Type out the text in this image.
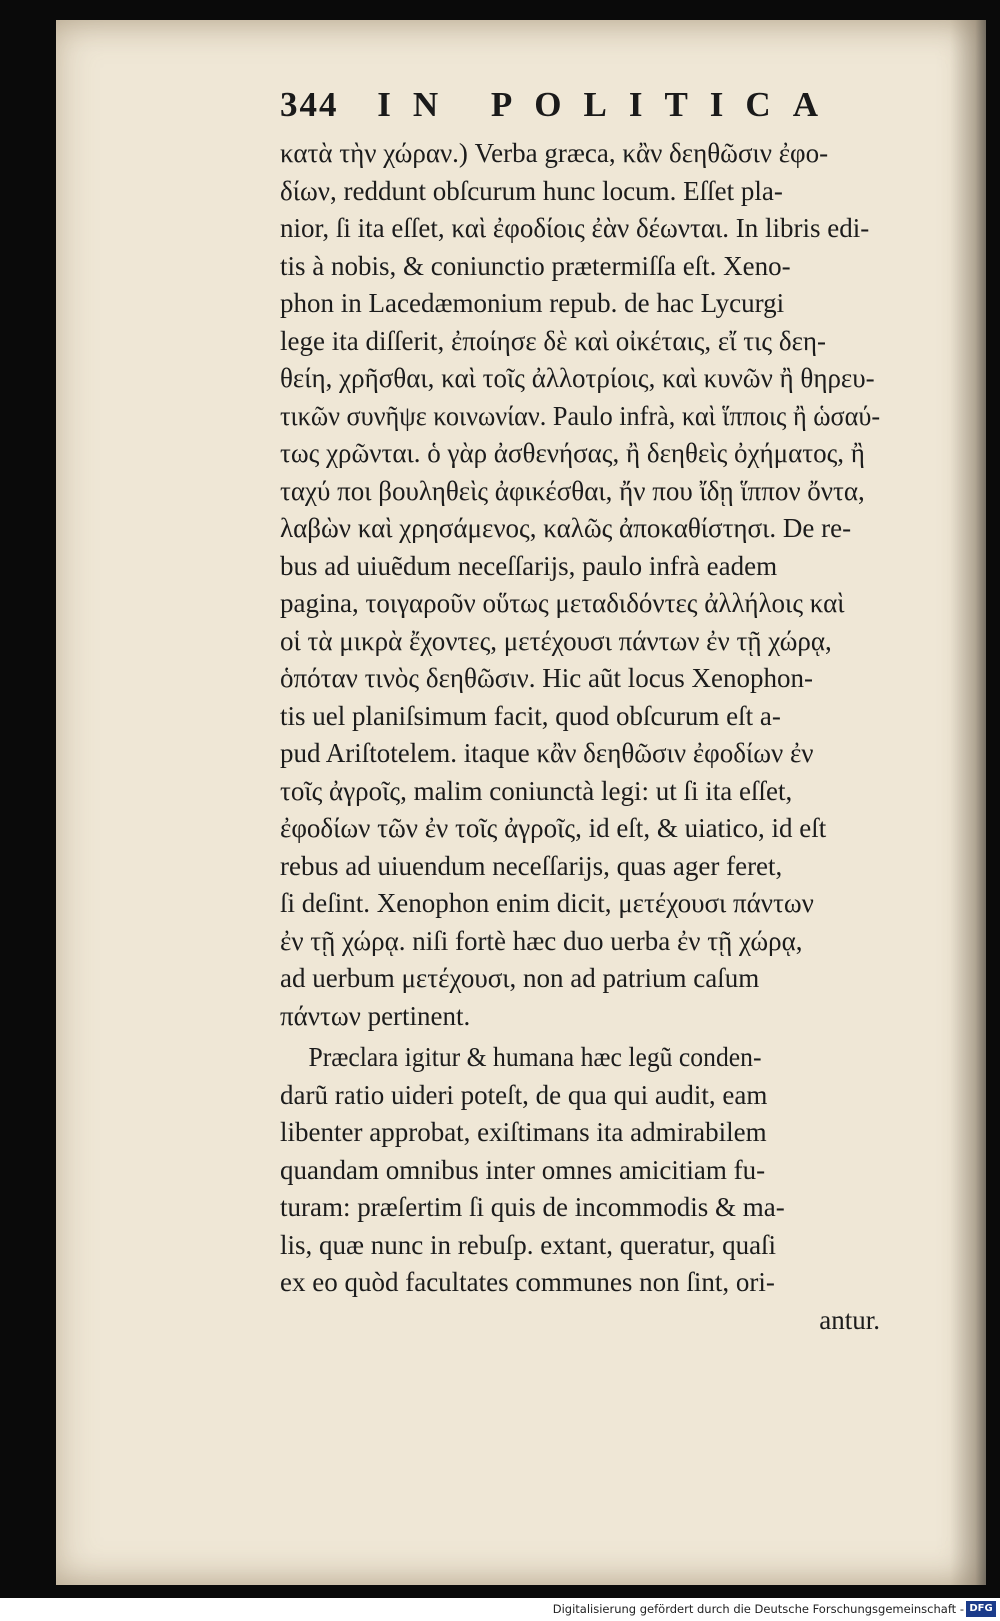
344 IN POLITICA
κατὰ τὴν χώραν.) Verba græca, κἂν δεηθῶσιν ἐφο-
δίων, reddunt obſcurum hunc locum. Eſſet pla-
nior, ſi ita eſſet, καὶ ἐφοδίοις ἐὰν δέωνται. In libris edi-
tis à nobis, & coniunctio prætermiſſa eſt. Xeno-
phon in Lacedæmonium repub. de hac Lycurgi
lege ita diſſerit, ἐποίησε δὲ καὶ οἰκέταις, εἴ τις δεη-
θείη, χρῆσθαι, καὶ τοῖς ἀλλοτρίοις, καὶ κυνῶν ἢ θηρευ-
τικῶν συνῆψε κοινωνίαν. Paulo infrà, καὶ ἵπποις ἢ ὡσαύ-
τως χρῶνται. ὁ γὰρ ἀσθενήσας, ἢ δεηθεὶς ὀχήματος, ἢ
ταχύ ποι βουληθεὶς ἀφικέσθαι, ἤν που ἴδῃ ἵππον ὄντα,
λαβὼν καὶ χρησάμενος, καλῶς ἀποκαθίστησι. De re-
bus ad uiuẽdum neceſſarijs, paulo infrà eadem
pagina, τοιγαροῦν οὕτως μεταδιδόντες ἀλλήλοις καὶ
οἱ τὰ μικρὰ ἔχοντες, μετέχουσι πάντων ἐν τῇ χώρᾳ,
ὁπόταν τινὸς δεηθῶσιν. Hic aũt locus Xenophon-
tis uel planiſsimum facit, quod obſcurum eſt a-
pud Ariſtotelem. itaque κἂν δεηθῶσιν ἐφοδίων ἐν
τοῖς ἀγροῖς, malim coniunctà legi: ut ſi ita eſſet,
ἐφοδίων τῶν ἐν τοῖς ἀγροῖς, id eſt, & uiatico, id eſt
rebus ad uiuendum neceſſarijs, quas ager feret,
ſi deſint. Xenophon enim dicit, μετέχουσι πάντων
ἐν τῇ χώρᾳ. niſi fortè hæc duo uerba ἐν τῇ χώρᾳ,
ad uerbum μετέχουσι, non ad patrium caſum
πάντων pertinent.
Præclara igitur & humana hæc legũ conden-
darũ ratio uideri poteſt, de qua qui audit, eam
libenter approbat, exiſtimans ita admirabilem
quandam omnibus inter omnes amicitiam fu-
turam: præſertim ſi quis de incommodis & ma-
lis, quæ nunc in rebuſp. extant, queratur, quaſi
ex eo quòd facultates communes non ſint, ori-
antur.
Digitalisierung gefördert durch die Deutsche Forschungsgemeinschaft - DFG
